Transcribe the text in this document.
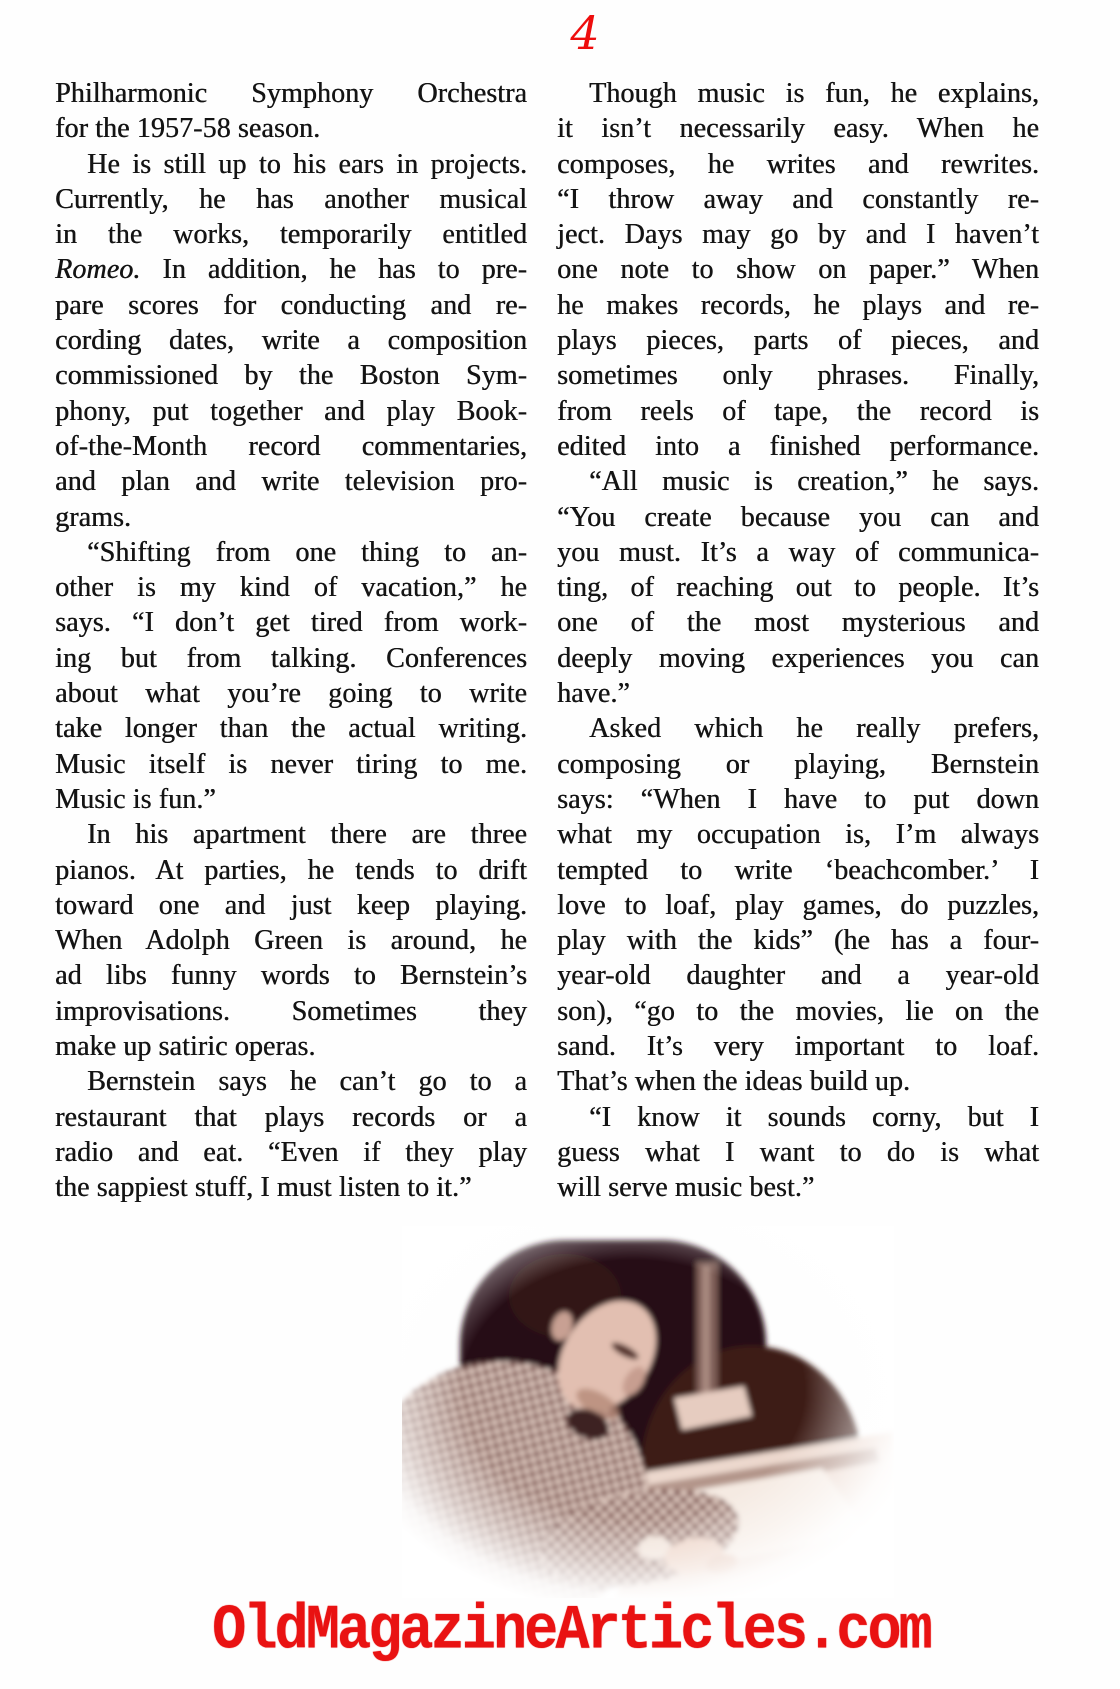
4
Philharmonic Symphony Orchestra
for the 1957-58 season.
He is still up to his ears in projects.
Currently, he has another musical
in the works, temporarily entitled
Romeo. In addition, he has to pre-
pare scores for conducting and re-
cording dates, write a composition
commissioned by the Boston Sym-
phony, put together and play Book-
of-the-Month record commentaries,
and plan and write television pro-
grams.
“Shifting from one thing to an-
other is my kind of vacation,” he
says. “I don’t get tired from work-
ing but from talking. Conferences
about what you’re going to write
take longer than the actual writing.
Music itself is never tiring to me.
Music is fun.”
In his apartment there are three
pianos. At parties, he tends to drift
toward one and just keep playing.
When Adolph Green is around, he
ad libs funny words to Bernstein’s
improvisations. Sometimes they
make up satiric operas.
Bernstein says he can’t go to a
restaurant that plays records or a
radio and eat. “Even if they play
the sappiest stuff, I must listen to it.”
Though music is fun, he explains,
it isn’t necessarily easy. When he
composes, he writes and rewrites.
“I throw away and constantly re-
ject. Days may go by and I haven’t
one note to show on paper.” When
he makes records, he plays and re-
plays pieces, parts of pieces, and
sometimes only phrases. Finally,
from reels of tape, the record is
edited into a finished performance.
“All music is creation,” he says.
“You create because you can and
you must. It’s a way of communica-
ting, of reaching out to people. It’s
one of the most mysterious and
deeply moving experiences you can
have.”
Asked which he really prefers,
composing or playing, Bernstein
says: “When I have to put down
what my occupation is, I’m always
tempted to write ‘beachcomber.’ I
love to loaf, play games, do puzzles,
play with the kids” (he has a four-
year-old daughter and a year-old
son), “go to the movies, lie on the
sand. It’s very important to loaf.
That’s when the ideas build up.
“I know it sounds corny, but I
guess what I want to do is what
will serve music best.”
OldMagazineArticles.com
